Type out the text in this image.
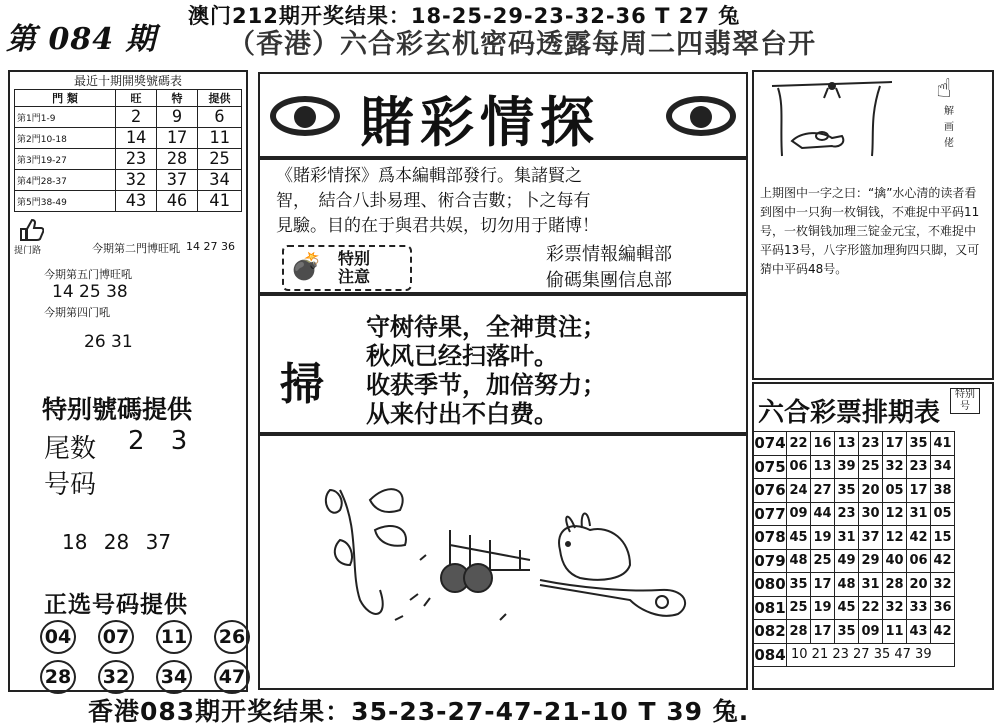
第 084 期
澳门212期开奖结果：18-25-29-23-32-36 T 27 兔
（香港）六合彩玄机密码透露每周二四翡翠台开
最近十期開獎號碼表
門 類	旺	特	提供
第1門1-9	2	9	6
第2門10-18	14	17	11
第3門19-27	23	28	25
第4門28-37	32	37	34
第5門38-49	43	46	41
提门路	今期第二門博旺吼 14 27 36
今期第五门博旺吼
14 25 38
今期第四门吼
26 31
特别號碼提供
尾数 2 3
号码
18 28 37
正选号码提供
04 07 11 26
28 32 34 47
賭彩情探
《賭彩情探》爲本編輯部發行。集諸賢之
智，　結合八卦易理、術合吉數；卜之每有
見驗。目的在于與君共娱，切勿用于賭博！
💣 特别
注意
彩票情報編輯部
偷碼集團信息部
掃
守树待果，全神贯注；
秋风已经扫落叶。
收获季节，加倍努力；
从来付出不白费。
☝
解 画 佬
上期图中一字之曰：“擒”水心清的读者看到图中一只狗一枚铜钱，不难捉中平码11号，一枚铜钱加理三锭金元宝，不难捉中平码13号，八字形篮加理狗四只脚，又可猜中平码48号。
六合彩票排期表
特别号
074	22	16	13	23	17	35	41
075	06	13	39	25	32	23	34
076	24	27	35	20	05	17	38
077	09	44	23	30	12	31	05
078	45	19	31	37	12	42	15
079	48	25	49	29	40	06	42
080	35	17	48	31	28	20	32
081	25	19	45	22	32	33	36
082	28	17	35	09	11	43	42
084	10 21 23 27 35 47 39						
香港083期开奖结果：35-23-27-47-21-10 T 39 兔.
